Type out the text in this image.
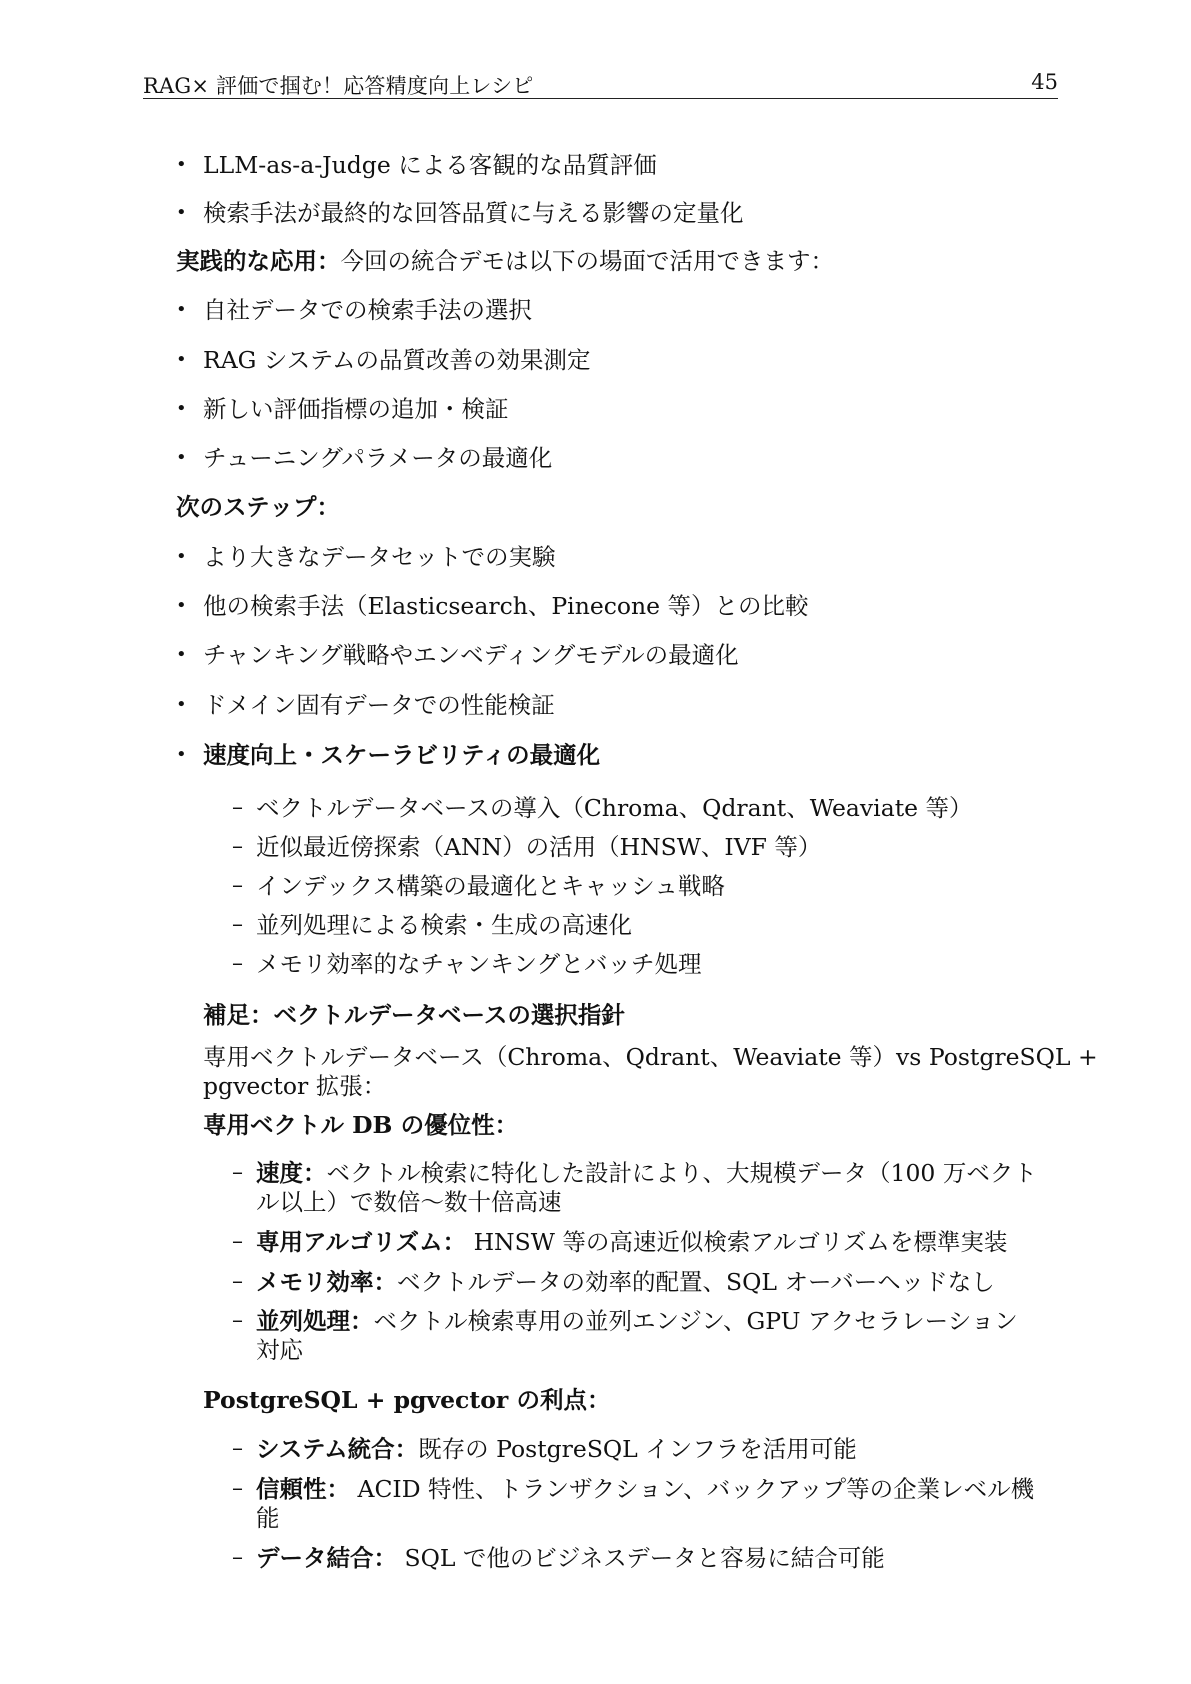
RAG× 評価で掴む！応答精度向上レシピ	45
• LLM-as-a-Judge による客観的な品質評価
• 検索手法が最終的な回答品質に与える影響の定量化
実践的な応用：今回の統合デモは以下の場面で活用できます：
• 自社データでの検索手法の選択
• RAG システムの品質改善の効果測定
• 新しい評価指標の追加・検証
• チューニングパラメータの最適化
次のステップ：
• より大きなデータセットでの実験
• 他の検索手法（Elasticsearch、Pinecone 等）との比較
• チャンキング戦略やエンベディングモデルの最適化
• ドメイン固有データでの性能検証
• 速度向上・スケーラビリティの最適化
– ベクトルデータベースの導入（Chroma、Qdrant、Weaviate 等）
– 近似最近傍探索（ANN）の活用（HNSW、IVF 等）
– インデックス構築の最適化とキャッシュ戦略
– 並列処理による検索・生成の高速化
– メモリ効率的なチャンキングとバッチ処理
補足：ベクトルデータベースの選択指針
専用ベクトルデータベース（Chroma、Qdrant、Weaviate 等）vs PostgreSQL +
pgvector 拡張：
専用ベクトル DB の優位性：
– 速度：ベクトル検索に特化した設計により、大規模データ（100 万ベクト
ル以上）で数倍〜数十倍高速
– 専用アルゴリズム： HNSW 等の高速近似検索アルゴリズムを標準実装
– メモリ効率：ベクトルデータの効率的配置、SQL オーバーヘッドなし
– 並列処理：ベクトル検索専用の並列エンジン、GPU アクセラレーション
対応
PostgreSQL + pgvector の利点：
– システム統合：既存の PostgreSQL インフラを活用可能
– 信頼性： ACID 特性、トランザクション、バックアップ等の企業レベル機
能
– データ結合： SQL で他のビジネスデータと容易に結合可能
